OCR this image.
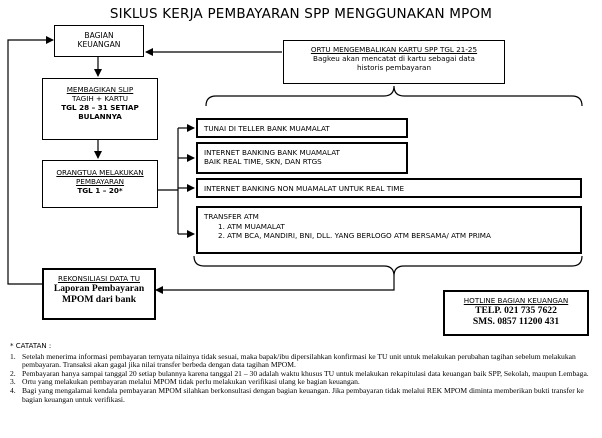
SIKLUS KERJA PEMBAYARAN SPP MENGGUNAKAN MPOM
BAGIAN
KEUANGAN
ORTU MENGEMBALIKAN KARTU SPP TGL 21-25
Bagkeu akan mencatat di kartu sebagai data
historis pembayaran
MEMBAGIKAN SLIP
TAGIH + KARTU
TGL 28 – 31 SETIAP
BULANNYA
ORANGTUA MELAKUKAN
PEMBAYARAN
TGL 1 – 20*
TUNAI DI TELLER BANK MUAMALAT
INTERNET BANKING BANK MUAMALAT
BAIK REAL TIME, SKN, DAN RTGS
INTERNET BANKING NON MUAMALAT UNTUK REAL TIME
TRANSFER ATM
1. ATM MUAMALAT
2. ATM BCA, MANDIRI, BNI, DLL. YANG BERLOGO ATM BERSAMA/ ATM PRIMA
REKONSILIASI DATA TU
Laporan Pembayaran
MPOM dari bank	HOTLINE BAGIAN KEUANGAN
TELP. 021 735 7622
SMS. 0857 11200 431
* CATATAN :
1. Setelah menerima informasi pembayaran ternyata nilainya tidak sesuai, maka bapak/ibu dipersilahkan konfirmasi ke TU unit untuk melakukan perubahan tagihan sebelum melakukan pembayaran. Transaksi akan gagal jika nilai transfer berbeda dengan data tagihan MPOM.
2. Pembayaran hanya sampai tanggal 20 setiap bulannya karena tanggal 21 – 30 adalah waktu khusus TU untuk melakukan rekapitulasi data keuangan baik SPP, Sekolah, maupun Lembaga.
3. Ortu yang melakukan pembayaran melalui MPOM tidak perlu melakukan verifikasi ulang ke bagian keuangan.
4. Bagi yang mengalamai kendala pembayaran MPOM silahkan berkonsultasi dengan bagian keuangan. Jika pembayaran tidak melalui REK MPOM diminta memberikan bukti transfer ke bagian keuangan untuk verifikasi.
